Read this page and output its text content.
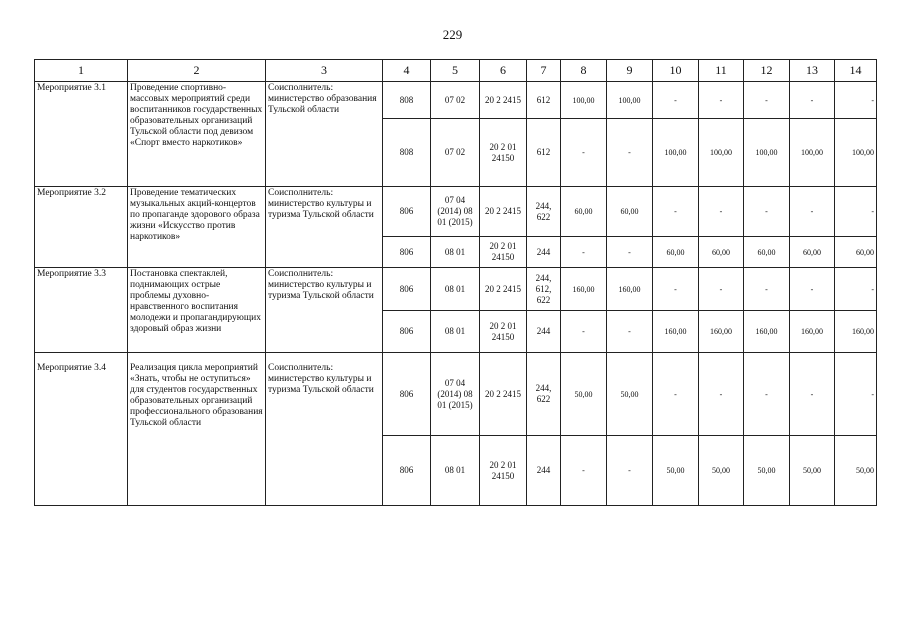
229
1	2	3	4	5	6	7	8	9	10	11	12	13	14
Мероприятие 3.1	Проведение спортивно-массовых мероприятий среди воспитанников государственных образовательных организаций Тульской области под девизом «Спорт вместо наркотиков»	Соисполнитель: министерство образования Тульской области	808	07 02	20 2 2415	612	100,00	100,00	-	-	-	-	-
			808	07 02	20 2 01 24150	612	-	-	100,00	100,00	100,00	100,00	100,00
Мероприятие 3.2	Проведение тематических музыкальных акций-концертов по пропаганде здорового образа жизни «Искусство против наркотиков»	Соисполнитель: министерство культуры и туризма Тульской области	806	07 04 (2014) 08 01 (2015)	20 2 2415	244, 622	60,00	60,00	-	-	-	-	-
			806	08 01	20 2 01 24150	244	-	-	60,00	60,00	60,00	60,00	60,00
Мероприятие 3.3	Постановка спектаклей, поднимающих острые проблемы духовно-нравственного воспитания молодежи и пропагандирующих здоровый образ жизни	Соисполнитель: министерство культуры и туризма Тульской области	806	08 01	20 2 2415	244, 612, 622	160,00	160,00	-	-	-	-	-
			806	08 01	20 2 01 24150	244	-	-	160,00	160,00	160,00	160,00	160,00
Мероприятие 3.4	Реализация цикла мероприятий «Знать, чтобы не оступиться» для студентов государственных образовательных организаций профессионального образования Тульской области	Соисполнитель: министерство культуры и туризма Тульской области	806	07 04 (2014) 08 01 (2015)	20 2 2415	244, 622	50,00	50,00	-	-	-	-	-
			806	08 01	20 2 01 24150	244	-	-	50,00	50,00	50,00	50,00	50,00
